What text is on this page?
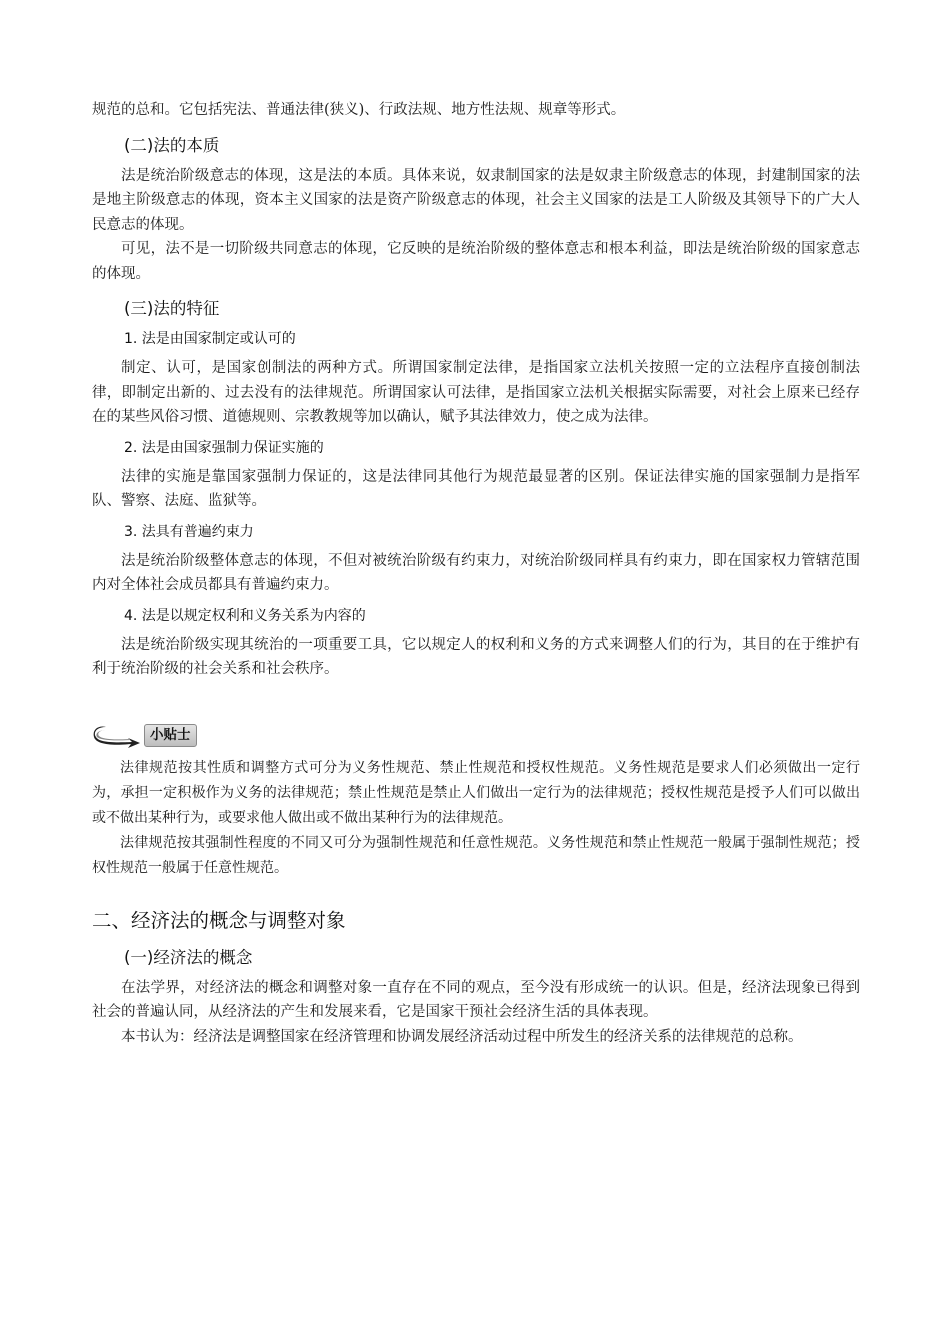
规范的总和。它包括宪法、普通法律(狭义)、行政法规、地方性法规、规章等形式。

(二)法的本质

法是统治阶级意志的体现，这是法的本质。具体来说，奴隶制国家的法是奴隶主阶级意志的体现，封建制国家的法是地主阶级意志的体现，资本主义国家的法是资产阶级意志的体现，社会主义国家的法是工人阶级及其领导下的广大人民意志的体现。

可见，法不是一切阶级共同意志的体现，它反映的是统治阶级的整体意志和根本利益，即法是统治阶级的国家意志的体现。

(三)法的特征
1. 法是由国家制定或认可的

制定、认可，是国家创制法的两种方式。所谓国家制定法律，是指国家立法机关按照一定的立法程序直接创制法律，即制定出新的、过去没有的法律规范。所谓国家认可法律，是指国家立法机关根据实际需要，对社会上原来已经存在的某些风俗习惯、道德规则、宗教教规等加以确认，赋予其法律效力，使之成为法律。

2. 法是由国家强制力保证实施的

法律的实施是靠国家强制力保证的，这是法律同其他行为规范最显著的区别。保证法律实施的国家强制力是指军队、警察、法庭、监狱等。

3. 法具有普遍约束力

法是统治阶级整体意志的体现，不但对被统治阶级有约束力，对统治阶级同样具有约束力，即在国家权力管辖范围内对全体社会成员都具有普遍约束力。

4. 法是以规定权利和义务关系为内容的

法是统治阶级实现其统治的一项重要工具，它以规定人的权利和义务的方式来调整人们的行为，其目的在于维护有利于统治阶级的社会关系和社会秩序。

小贴士

法律规范按其性质和调整方式可分为义务性规范、禁止性规范和授权性规范。义务性规范是要求人们必须做出一定行为，承担一定积极作为义务的法律规范；禁止性规范是禁止人们做出一定行为的法律规范；授权性规范是授予人们可以做出或不做出某种行为，或要求他人做出或不做出某种行为的法律规范。

法律规范按其强制性程度的不同又可分为强制性规范和任意性规范。义务性规范和禁止性规范一般属于强制性规范；授权性规范一般属于任意性规范。

二、经济法的概念与调整对象
(一)经济法的概念

在法学界，对经济法的概念和调整对象一直存在不同的观点，至今没有形成统一的认识。但是，经济法现象已得到社会的普遍认同，从经济法的产生和发展来看，它是国家干预社会经济生活的具体表现。

本书认为：经济法是调整国家在经济管理和协调发展经济活动过程中所发生的经济关系的法律规范的总称。
